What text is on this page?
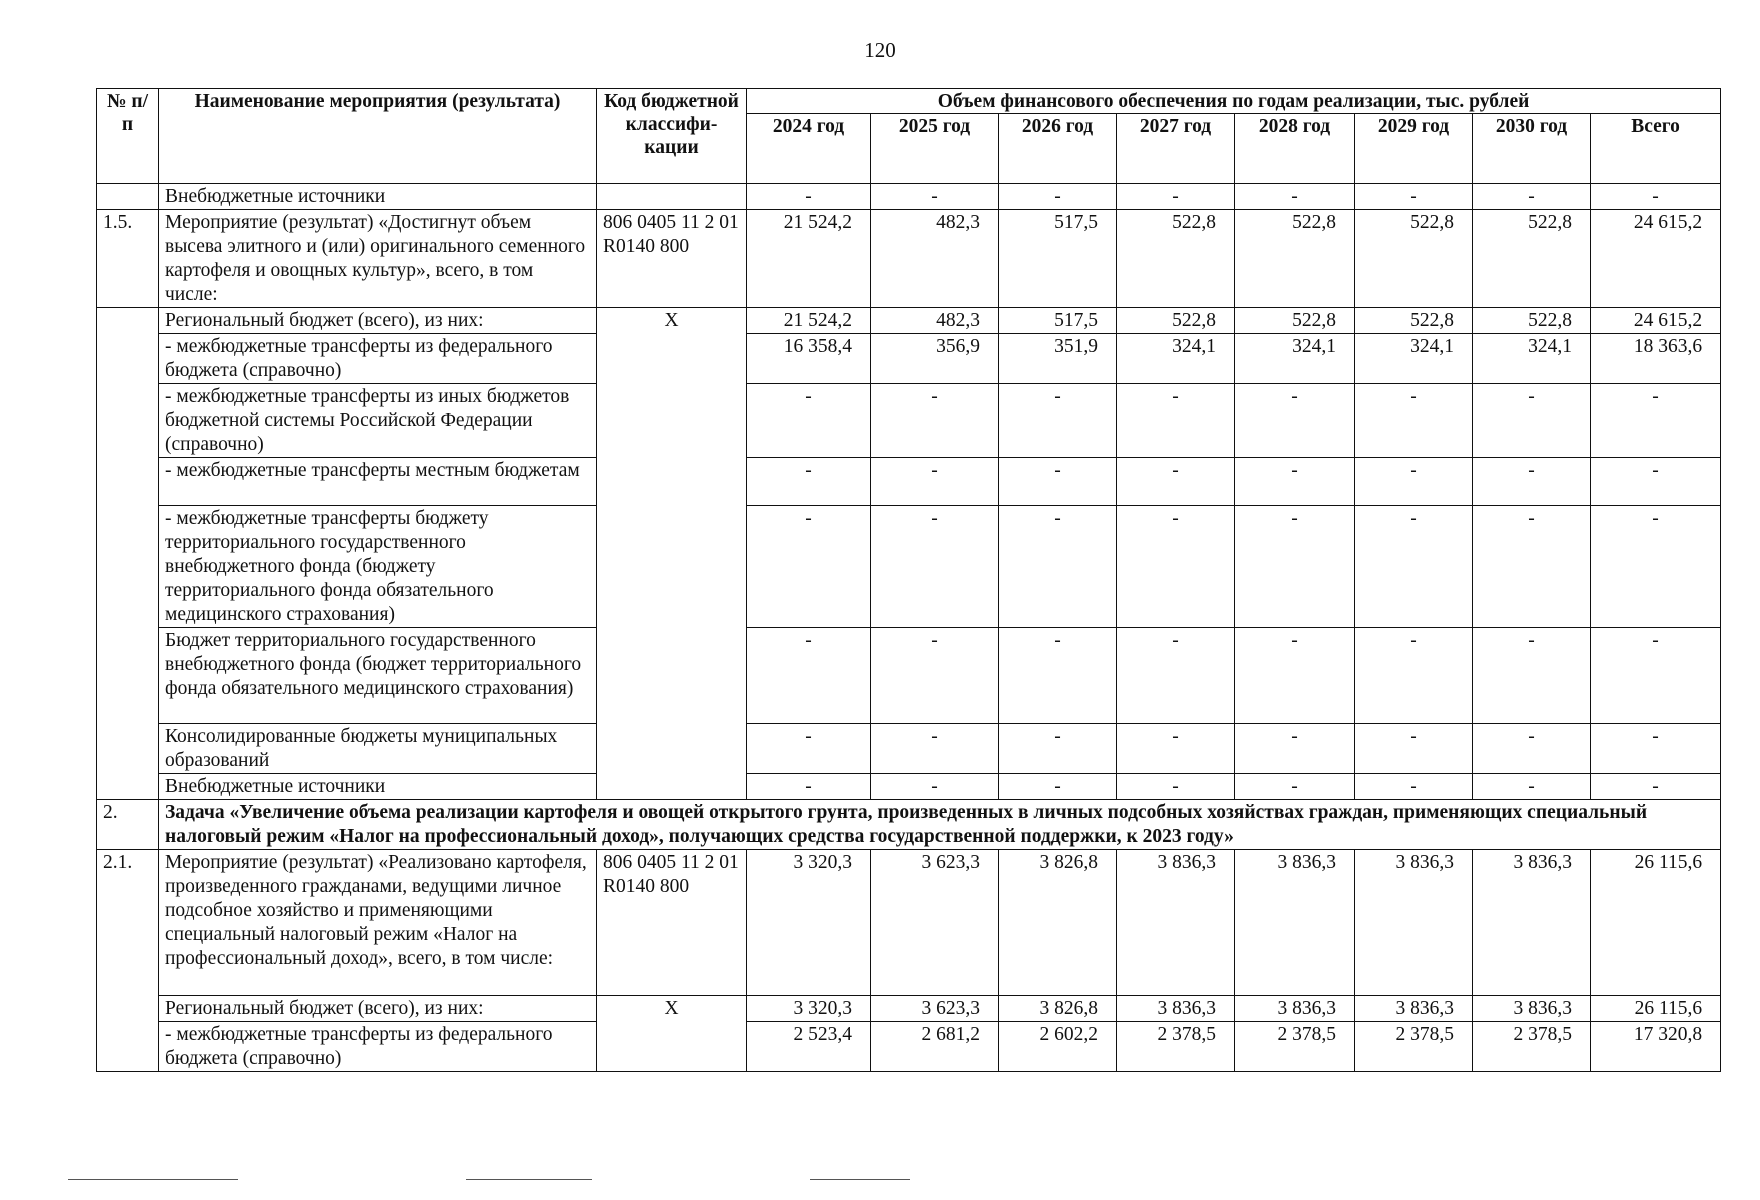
120
№ п/п	Наименование мероприятия (результата)	Код бюджетной классифи-кации	Объем финансового обеспечения по годам реализации, тыс. рублей							
			2024 год	2025 год	2026 год	2027 год	2028 год	2029 год	2030 год	Всего
	Внебюджетные источники		-	-	-	-	-	-	-	-
1.5.	Мероприятие (результат) «Достигнут объем высева элитного и (или) оригинального семенного картофеля и овощных культур», всего, в том числе:	806 0405 11 2 01 R0140 800	21 524,2	482,3	517,5	522,8	522,8	522,8	522,8	24 615,2
	Региональный бюджет (всего), из них:	X	21 524,2	482,3	517,5	522,8	522,8	522,8	522,8	24 615,2
	- межбюджетные трансферты из федерального бюджета (справочно)		16 358,4	356,9	351,9	324,1	324,1	324,1	324,1	18 363,6
	- межбюджетные трансферты из иных бюджетов бюджетной системы Российской Федерации (справочно)		-	-	-	-	-	-	-	-
	- межбюджетные трансферты местным бюджетам		-	-	-	-	-	-	-	-
	- межбюджетные трансферты бюджету территориального государственного внебюджетного фонда (бюджету территориального фонда обязательного медицинского страхования)		-	-	-	-	-	-	-	-
	Бюджет территориального государственного внебюджетного фонда (бюджет территориального фонда обязательного медицинского страхования)		-	-	-	-	-	-	-	-
	Консолидированные бюджеты муниципальных образований		-	-	-	-	-	-	-	-
	Внебюджетные источники		-	-	-	-	-	-	-	-
2.	Задача «Увеличение объема реализации картофеля и овощей открытого грунта, произведенных в личных подсобных хозяйствах граждан, применяющих специальный налоговый режим «Налог на профессиональный доход», получающих средства государственной поддержки, к 2023 году»									
2.1.	Мероприятие (результат) «Реализовано картофеля, произведенного гражданами, ведущими личное подсобное хозяйство и применяющими специальный налоговый режим «Налог на профессиональный доход», всего, в том числе:	806 0405 11 2 01 R0140 800	3 320,3	3 623,3	3 826,8	3 836,3	3 836,3	3 836,3	3 836,3	26 115,6
	Региональный бюджет (всего), из них:	X	3 320,3	3 623,3	3 826,8	3 836,3	3 836,3	3 836,3	3 836,3	26 115,6
	- межбюджетные трансферты из федерального бюджета (справочно)		2 523,4	2 681,2	2 602,2	2 378,5	2 378,5	2 378,5	2 378,5	17 320,8
